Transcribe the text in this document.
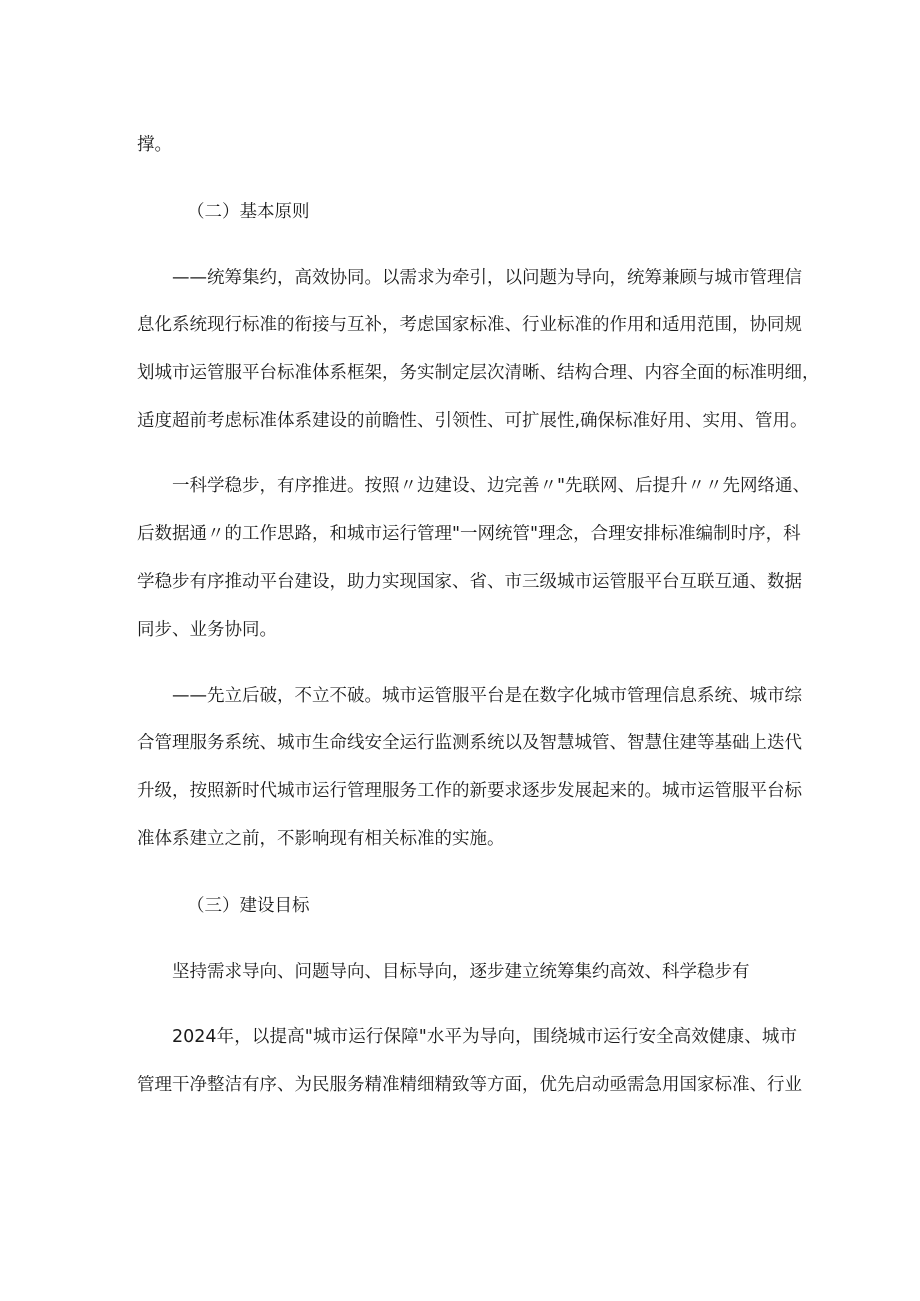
撑。
（二）基本原则
——统筹集约，高效协同。以需求为牵引，以问题为导向，统筹兼顾与城市管理信
息化系统现行标准的衔接与互补，考虑国家标准、行业标准的作用和适用范围，协同规
划城市运管服平台标准体系框架，务实制定层次清晰、结构合理、内容全面的标准明细，
适度超前考虑标准体系建设的前瞻性、引领性、可扩展性,确保标准好用、实用、管用。
一科学稳步，有序推进。按照〃边建设、边完善〃"先联网、后提升〃〃先网络通、
后数据通〃的工作思路，和城市运行管理"一网统管"理念，合理安排标准编制时序，科
学稳步有序推动平台建设，助力实现国家、省、市三级城市运管服平台互联互通、数据
同步、业务协同。
——先立后破，不立不破。城市运管服平台是在数字化城市管理信息系统、城市综
合管理服务系统、城市生命线安全运行监测系统以及智慧城管、智慧住建等基础上迭代
升级，按照新时代城市运行管理服务工作的新要求逐步发展起来的。城市运管服平台标
准体系建立之前，不影响现有相关标准的实施。
（三）建设目标
坚持需求导向、问题导向、目标导向，逐步建立统筹集约高效、科学稳步有
2024年，以提高"城市运行保障"水平为导向，围绕城市运行安全高效健康、城市
管理干净整洁有序、为民服务精准精细精致等方面，优先启动亟需急用国家标准、行业
